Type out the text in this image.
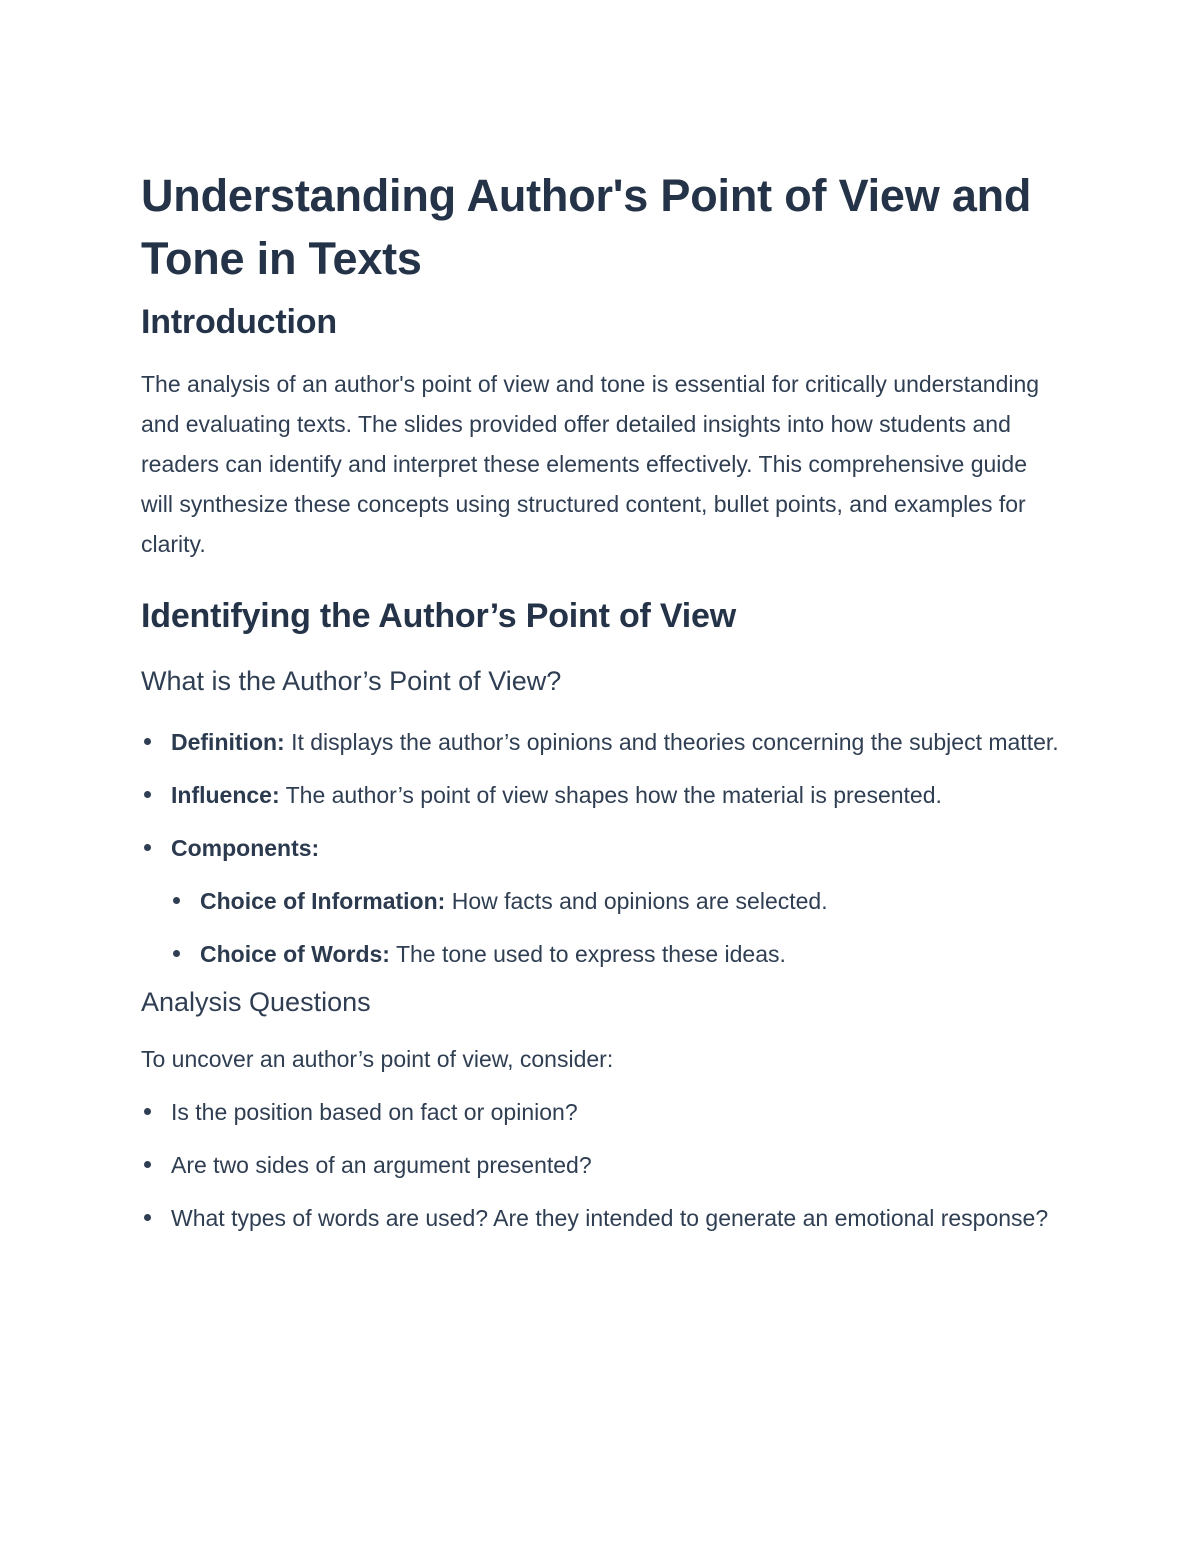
Understanding Author's Point of View and Tone in Texts
Introduction

The analysis of an author's point of view and tone is essential for critically understanding and evaluating texts. The slides provided offer detailed insights into how students and readers can identify and interpret these elements effectively. This comprehensive guide will synthesize these concepts using structured content, bullet points, and examples for clarity.

Identifying the Author’s Point of View
What is the Author’s Point of View?
Definition: It displays the author’s opinions and theories concerning the subject matter.
Influence: The author’s point of view shapes how the material is presented.
Components:
Choice of Information: How facts and opinions are selected.
Choice of Words: The tone used to express these ideas.
Analysis Questions

To uncover an author’s point of view, consider:

Is the position based on fact or opinion?
Are two sides of an argument presented?
What types of words are used? Are they intended to generate an emotional response?
